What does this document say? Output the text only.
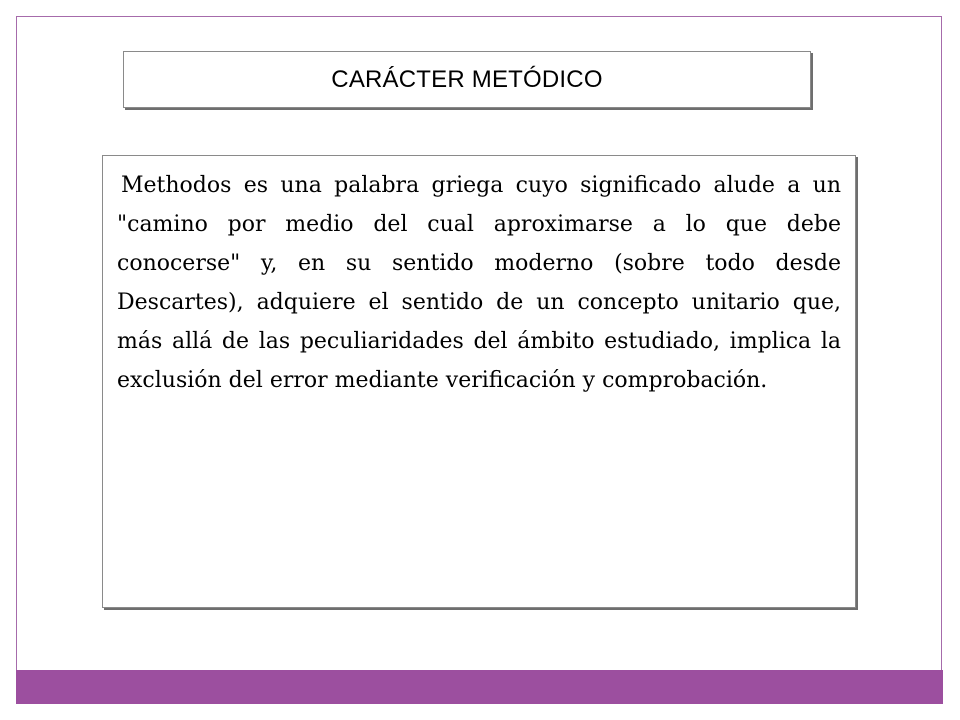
CARÁCTER METÓDICO

Methodos es una palabra griega cuyo significado alude a un "camino por medio del cual aproximarse a lo que debe conocerse" y, en su sentido moderno (sobre todo desde Descartes), adquiere el sentido de un concepto unitario que, más allá de las peculiaridades del ámbito estudiado, implica la exclusión del error mediante verificación y comprobación.
